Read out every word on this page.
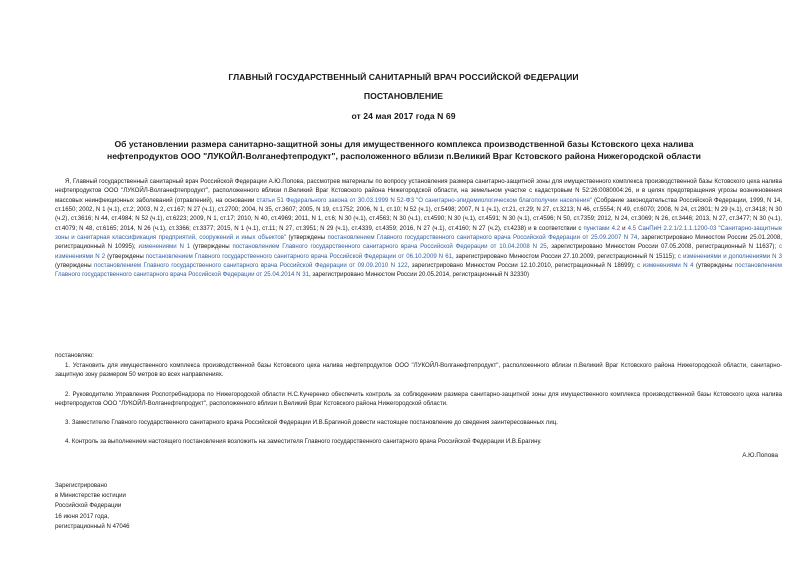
ГЛАВНЫЙ ГОСУДАРСТВЕННЫЙ САНИТАРНЫЙ ВРАЧ РОССИЙСКОЙ ФЕДЕРАЦИИ
ПОСТАНОВЛЕНИЕ
от 24 мая 2017 года N 69
Об установлении размера санитарно-защитной зоны для имущественного комплекса производственной базы Кстовского цеха налива нефтепродуктов ООО "ЛУКОЙЛ-Волганефтепродукт", расположенного вблизи п.Великий Враг Кстовского района Нижегородской области

Я, Главный государственный санитарный врач Российской Федерации А.Ю.Попова, рассмотрев материалы по вопросу установления размера санитарно-защитной зоны для имущественного комплекса производственной базы Кстовского цеха налива нефтепродуктов ООО "ЛУКОЙЛ-Волганефтепродукт", расположенного вблизи п.Великий Враг Кстовского района Нижегородской области, на земельном участке с кадастровым N 52:26:0080004:26, и в целях предотвращения угрозы возникновения массовых неинфекционных заболеваний (отравлений), на основании статьи 51 Федерального закона от 30.03.1999 N 52-ФЗ "О санитарно-эпидемиологическом благополучии населения" (Собрание законодательства Российской Федерации, 1999, N 14, ст.1650; 2002, N 1 (ч.1), ст.2; 2003, N 2, ст.167; N 27 (ч.1), ст.2700; 2004, N 35, ст.3607; 2005, N 19, ст.1752; 2006, N 1, ст.10; N 52 (ч.1), ст.5498; 2007, N 1 (ч.1), ст.21, ст.29; N 27, ст.3213; N 46, ст.5554; N 49, ст.6070; 2008, N 24, ст.2801; N 29 (ч.1), ст.3418; N 30 (ч.2), ст.3616; N 44, ст.4984; N 52 (ч.1), ст.6223; 2009, N 1, ст.17; 2010, N 40, ст.4969; 2011, N 1, ст.6; N 30 (ч.1), ст.4563; N 30 (ч.1), ст.4590; N 30 (ч.1), ст.4591; N 30 (ч.1), ст.4596; N 50, ст.7359; 2012, N 24, ст.3069; N 26, ст.3446; 2013, N 27, ст.3477; N 30 (ч.1), ст.4079; N 48, ст.6165; 2014, N 26 (ч.1), ст.3366; ст.3377; 2015, N 1 (ч.1), ст.11; N 27, ст.3951; N 29 (ч.1), ст.4339, ст.4359; 2016, N 27 (ч.1), ст.4160; N 27 (ч.2), ст.4238) и в соответствии с пунктами 4.2 и 4.5 СанПиН 2.2.1/2.1.1.1200-03 "Санитарно-защитные зоны и санитарная классификация предприятий, сооружений и иных объектов" (утверждены постановлением Главного государственного санитарного врача Российской Федерации от 25.09.2007 N 74, зарегистрировано Минюстом России 25.01.2008, регистрационный N 10995); изменениями N 1 (утверждены постановлением Главного государственного санитарного врача Российской Федерации от 10.04.2008 N 25, зарегистрировано Минюстом России 07.05.2008, регистрационный N 11637); с изменениями N 2 (утверждены постановлением Главного государственного санитарного врача Российской Федерации от 06.10.2009 N 61, зарегистрировано Минюстом России 27.10.2009, регистрационный N 15115); с изменениями и дополнениями N 3 (утверждены постановлением Главного государственного санитарного врача Российской Федерации от 09.09.2010 N 122, зарегистрировано Минюстом России 12.10.2010, регистрационный N 18699); с изменениями N 4 (утверждены постановлением Главного государственного санитарного врача Российской Федерации от 25.04.2014 N 31, зарегистрировано Минюстом России 20.05.2014, регистрационный N 32330)

постановляю:

1. Установить для имущественного комплекса производственной базы Кстовского цеха налива нефтепродуктов ООО "ЛУКОЙЛ-Волганефтепродукт", расположенного вблизи п.Великий Враг Кстовского района Нижегородской области, санитарно-защитную зону размером 50 метров во всех направлениях.

2. Руководителю Управления Роспотребнадзора по Нижегородской области Н.С.Кучеренко обеспечить контроль за соблюдением размера санитарно-защитной зоны для имущественного комплекса производственной базы Кстовского цеха налива нефтепродуктов ООО "ЛУКОЙЛ-Волганефтепродукт", расположенного вблизи п.Великий Враг Кстовского района Нижегородской области.

3. Заместителю Главного государственного санитарного врача Российской Федерации И.В.Брагиной довести настоящее постановление до сведения заинтересованных лиц.

4. Контроль за выполнением настоящего постановления возложить на заместителя Главного государственного санитарного врача Российской Федерации И.В.Брагину.

А.Ю.Попова
Зарегистрировано
в Министерстве юстиции
Российской Федерации
16 июня 2017 года,
регистрационный N 47046
